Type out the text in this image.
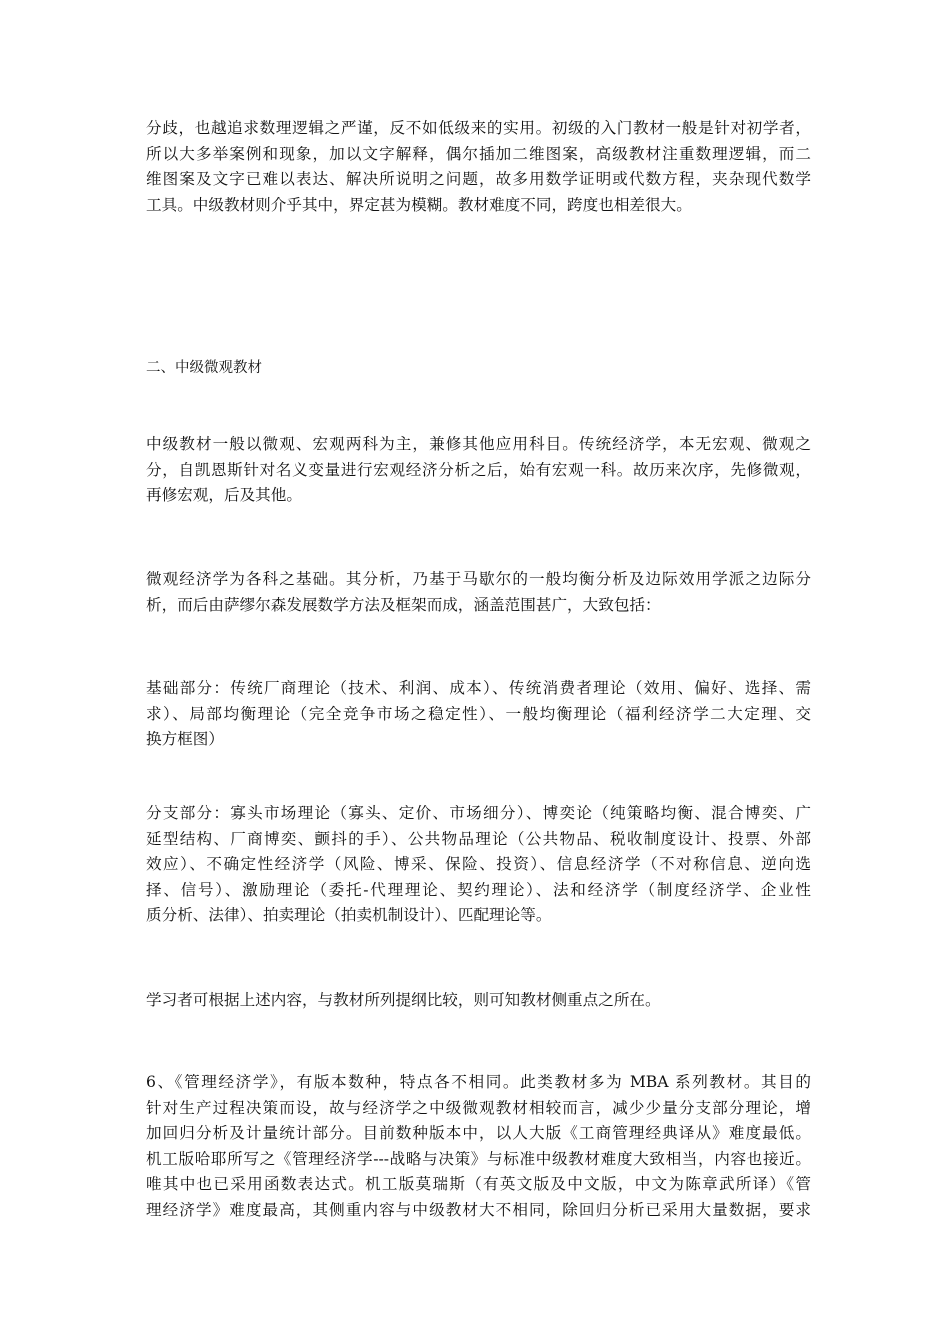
分歧，也越追求数理逻辑之严谨，反不如低级来的实用。初级的入门教材一般是针对初学者，
所以大多举案例和现象，加以文字解释，偶尔插加二维图案，高级教材注重数理逻辑，而二
维图案及文字已难以表达、解决所说明之问题，故多用数学证明或代数方程，夹杂现代数学
工具。中级教材则介乎其中，界定甚为模糊。教材难度不同，跨度也相差很大。

二、中级微观教材

中级教材一般以微观、宏观两科为主，兼修其他应用科目。传统经济学，本无宏观、微观之
分，自凯恩斯针对名义变量进行宏观经济分析之后，始有宏观一科。故历来次序，先修微观，
再修宏观，后及其他。

微观经济学为各科之基础。其分析，乃基于马歇尔的一般均衡分析及边际效用学派之边际分
析，而后由萨缪尔森发展数学方法及框架而成，涵盖范围甚广，大致包括：

基础部分：传统厂商理论（技术、利润、成本）、传统消费者理论（效用、偏好、选择、需
求）、局部均衡理论（完全竞争市场之稳定性）、一般均衡理论（福利经济学二大定理、交
换方框图）

分支部分：寡头市场理论（寡头、定价、市场细分）、博奕论（纯策略均衡、混合博奕、广
延型结构、厂商博奕、颤抖的手）、公共物品理论（公共物品、税收制度设计、投票、外部
效应）、不确定性经济学（风险、博采、保险、投资）、信息经济学（不对称信息、逆向选
择、信号）、激励理论（委托-代理理论、契约理论）、法和经济学（制度经济学、企业性
质分析、法律）、拍卖理论（拍卖机制设计）、匹配理论等。

学习者可根据上述内容，与教材所列提纲比较，则可知教材侧重点之所在。

6、《管理经济学》，有版本数种，特点各不相同。此类教材多为 MBA 系列教材。其目的
针对生产过程决策而设，故与经济学之中级微观教材相较而言，减少少量分支部分理论，增
加回归分析及计量统计部分。目前数种版本中，以人大版《工商管理经典译从》难度最低。
机工版哈耶所写之《管理经济学---战略与决策》与标准中级教材难度大致相当，内容也接近。
唯其中也已采用函数表达式。机工版莫瑞斯（有英文版及中文版，中文为陈章武所译）《管
理经济学》难度最高，其侧重内容与中级教材大不相同，除回归分析已采用大量数据，要求
